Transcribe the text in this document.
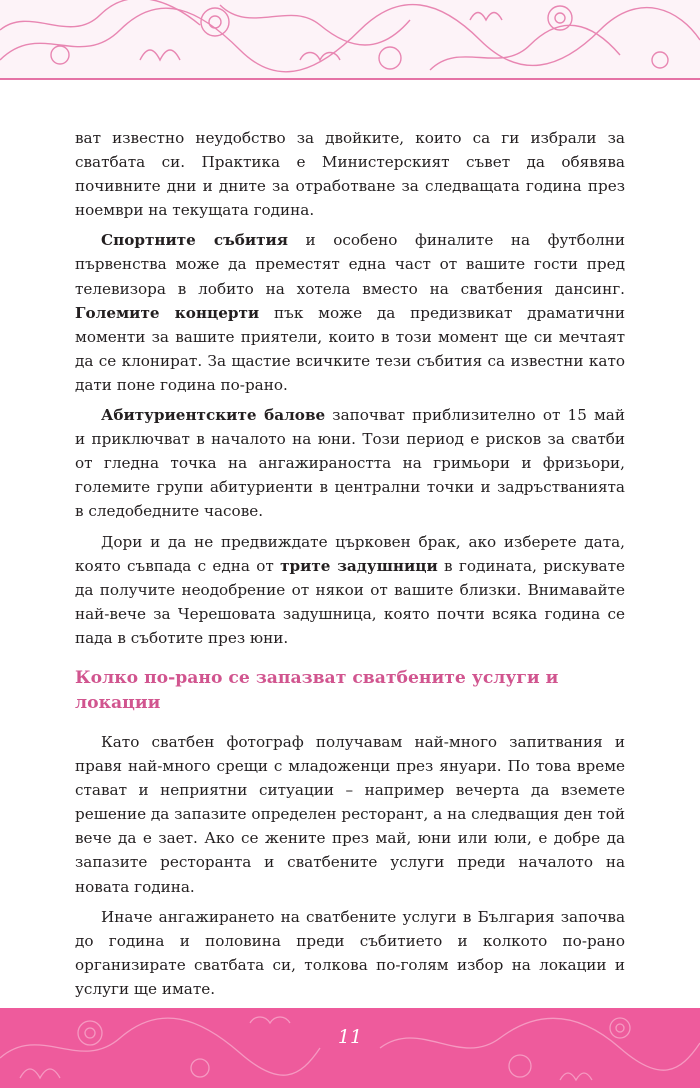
ват известно неудобство за двойките, които са ги избрали за сватбата си. Практика е Министерският съвет да обявява почивните дни и дните за отработване за следващата година през ноември на текущата година.

Спортните събития и особено финалите на футболни първенства може да преместят една част от вашите гости пред телевизора в лобито на хотела вместо на сватбения дансинг. Големите концерти пък може да предизвикат драматични моменти за вашите приятели, които в този момент ще си мечтаят да се клонират. За щастие всичките тези събития са известни като дати поне година по-рано.

Абитуриентските балове започват приблизително от 15 май и приключват в началото на юни. Този период е рисков за сватби от гледна точка на ангажираността на гримьори и фризьори, големите групи абитуриенти в централни точки и задръстванията в следобедните часове.

Дори и да не предвиждате църковен брак, ако изберете дата, която съвпада с една от трите задушници в годината, рискувате да получите неодобрение от някои от вашите близки. Внимавайте най-вече за Черешовата задушница, която почти всяка година се пада в съботите през юни.

Колко по-рано се запазват сватбените услуги и локации

Като сватбен фотограф получавам най-много запитвания и правя най-много срещи с младоженци през януари. По това време стават и неприятни ситуации – например вечерта да вземете решение да запазите определен ресторант, а на следващия ден той вече да е зает. Ако се жените през май, юни или юли, е добре да запазите ресторанта и сватбените услуги преди началото на новата година.

Иначе ангажирането на сватбените услуги в България започва до година и половина преди събитието и колкото по-рано организирате сватбата си, толкова по-голям избор на локации и услуги ще имате.

11
